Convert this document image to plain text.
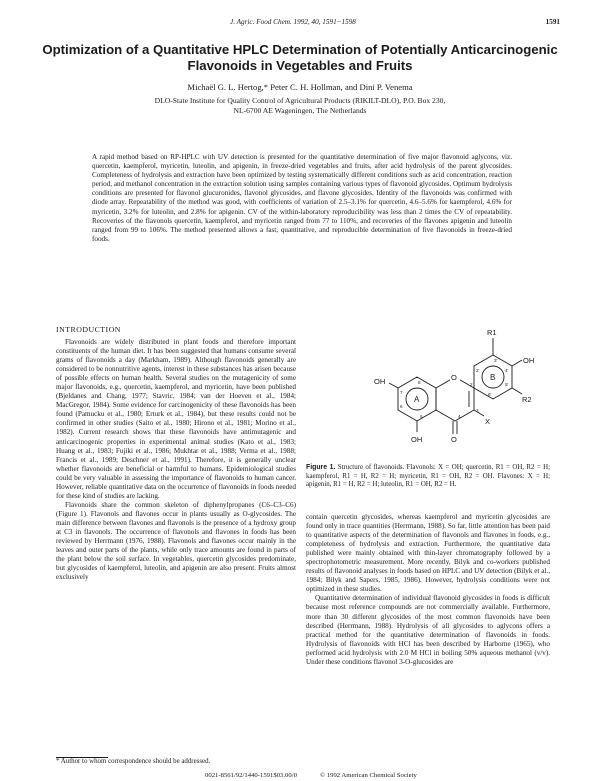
J. Agric. Food Chem. 1992, 40, 1591−1598	1591
Optimization of a Quantitative HPLC Determination of Potentially Anticarcinogenic Flavonoids in Vegetables and Fruits
Michaël G. L. Hertog,* Peter C. H. Hollman, and Dini P. Venema
DLO-State Institute for Quality Control of Agricultural Products (RIKILT-DLO), P.O. Box 230,
NL-6700 AE Wageningen, The Netherlands

A rapid method based on RP-HPLC with UV detection is presented for the quantitative determination of five major flavonoid aglycons, viz. quercetin, kaempferol, myricetin, luteolin, and apigenin, in freeze-dried vegetables and fruits, after acid hydrolysis of the parent glycosides. Completeness of hydrolysis and extraction have been optimized by testing systematically different conditions such as acid concentration, reaction period, and methanol concentration in the extraction solution using samples containing various types of flavonoid glycosides. Optimum hydrolysis conditions are presented for flavonol glucuronides, flavonol glycosides, and flavone glycosides. Identity of the flavonoids was confirmed with diode array. Repeatability of the method was good, with coefficients of variation of 2.5–3.1% for quercetin, 4.6–5.6% for kaempferol, 4.6% for myricetin, 3.2% for luteolin, and 2.8% for apigenin. CV of the within-laboratory reproducibility was less than 2 times the CV of repeatability. Recoveries of the flavonols quercetin, kaempferol, and myricetin ranged from 77 to 110%, and recoveries of the flavones apigenin and luteolin ranged from 99 to 106%. The method presented allows a fast, quantitative, and reproducible determination of five flavonoids in freeze-dried foods.

INTRODUCTION

Flavonoids are widely distributed in plant foods and therefore important constituents of the human diet. It has been suggested that humans consume several grams of flavonoids a day (Markham, 1989). Although flavonoids generally are considered to be nonnutritive agents, interest in these substances has arisen because of possible effects on human health. Several studies on the mutagenicity of some major flavonoids, e.g., quercetin, kaempferol, and myricetin, have been published (Bjeldanes and Chang, 1977; Stavric, 1984; van der Hoeven et al., 1984; MacGregor, 1984). Some evidence for carcinogenicity of these flavonoids has been found (Pamucku et al., 1980; Erturk et al., 1984), but these results could not be confirmed in other studies (Saito et al., 1980; Hirono et al., 1981; Morino et al., 1982). Current research shows that these flavonoids have antimutagenic and anticarcinogenic properties in experimental animal studies (Kato et al., 1983; Huang et al., 1983; Fujiki et al., 1986; Mukhtar et al., 1988; Verma et al., 1988; Francis et al., 1989; Deschner et al., 1991). Therefore, it is generally unclear whether flavonoids are beneficial or harmful to humans. Epidemiological studies could be very valuable in assessing the importance of flavonoids to human cancer. However, reliable quantitative data on the occurrence of flavonoids in foods needed for these kind of studies are lacking.

Flavonoids share the common skeleton of diphenylpropanes (C6–C3–C6) (Figure 1). Flavonols and flavones occur in plants usually as O-glycosides. The main difference between flavones and flavonols is the presence of a hydroxy group at C3 in flavonols. The occurrence of flavonols and flavones in foods has been reviewed by Herrmann (1976, 1988). Flavonols and flavones occur mainly in the leaves and outer parts of the plants, while only trace amounts are found in parts of the plant below the soil surface. In vegetables, quercetin glycosides predominate, but glycosides of kaempferol, luteolin, and apigenin are also present. Fruits almost exclusively

O
R1
OH
R2
OH
OH	O
X
A
B
2
3
4
5
6
7
8
2'
3'
4'
5'
6'

Figure 1. Structure of flavonoids. Flavonols: X = OH; quercetin, R1 = OH, R2 = H; kaempferol, R1 = H, R2 = H; myricetin, R1 = OH, R2 = OH. Flavones: X = H; apigenin, R1 = H, R2 = H; luteolin, R1 = OH, R2 = H.

contain quercetin glycosides, whereas kaempferol and myricetin glycosides are found only in trace quantities (Herrmann, 1988). So far, little attention has been paid to quantitative aspects of the determination of flavonols and flavones in foods, e.g., completeness of hydrolysis and extraction. Furthermore, the quantitative data published were mainly obtained with thin-layer chromatography followed by a spectrophotometric measurement. More recently, Bilyk and co-workers published results of flavonoid analyses in foods based on HPLC and UV detection (Bilyk et al., 1984; Bilyk and Sapers, 1985, 1986). However, hydrolysis conditions were not optimized in these studies.

Quantitative determination of individual flavonoid glycosides in foods is difficult because most reference compounds are not commercially available. Furthermore, more than 30 different glycosides of the most common flavonoids have been described (Herrmann, 1988). Hydrolysis of all glycosides to aglycons offers a practical method for the quantitative determination of flavonoids in foods. Hydrolysis of flavonoids with HCl has been described by Harborne (1965), who performed acid hydrolysis with 2.0 M HCl in boiling 50% aqueous methanol (v/v). Under these conditions flavonol 3-O-glucosides are

* Author to whom correspondence should be addressed.
0021-8561/92/1440-1591$03.00/0	© 1992 American Chemical Society
